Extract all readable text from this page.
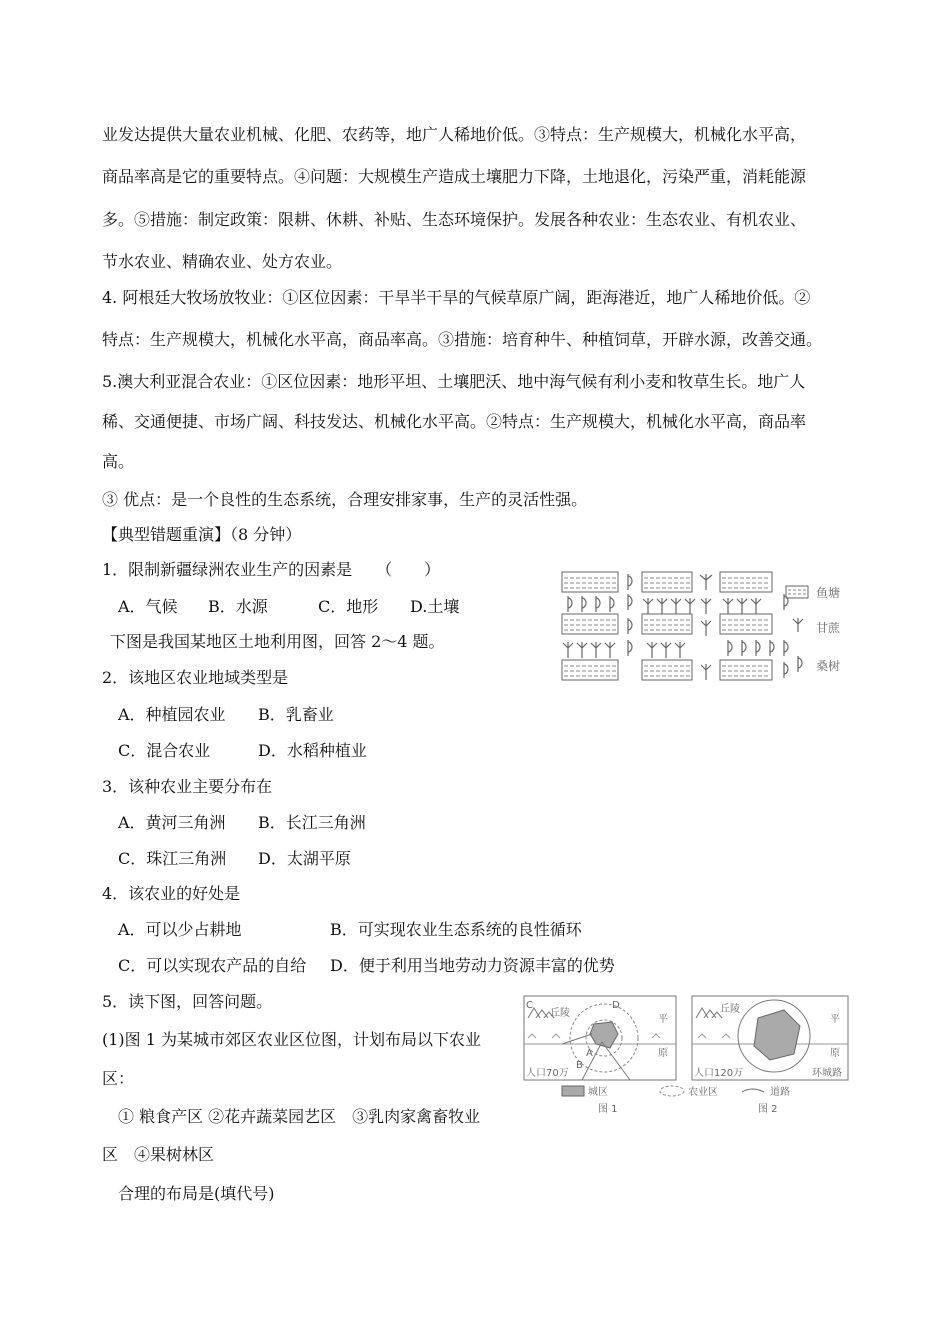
业发达提供大量农业机械、化肥、农药等，地广人稀地价低。③特点：生产规模大，机械化水平高，
商品率高是它的重要特点。④问题：大规模生产造成土壤肥力下降，土地退化，污染严重，消耗能源
多。⑤措施：制定政策：限耕、休耕、补贴、生态环境保护。发展各种农业：生态农业、有机农业、
节水农业、精确农业、处方农业。
4. 阿根廷大牧场放牧业：①区位因素：干旱半干旱的气候草原广阔，距海港近，地广人稀地价低。②
特点：生产规模大，机械化水平高，商品率高。③措施：培育种牛、种植饲草，开辟水源，改善交通。
5.澳大利亚混合农业：①区位因素：地形平坦、土壤肥沃、地中海气候有利小麦和牧草生长。地广人
稀、交通便捷、市场广阔、科技发达、机械化水平高。②特点：生产规模大，机械化水平高，商品率
高。
③ 优点：是一个良性的生态系统，合理安排家事，生产的灵活性强。
【典型错题重演】（8 分钟）
1．限制新疆绿洲农业生产的因素是　　（　　）
A．气候 B．水源	C．地形 D.土壤
下图是我国某地区土地利用图，回答 2～4 题。
2．该地区农业地域类型是
A．种植园农业 B．乳畜业
C．混合农业	D．水稻种植业
3．该种农业主要分布在
A．黄河三角洲 B．长江三角洲
C．珠江三角洲 D．太湖平原
4．该农业的好处是
A．可以少占耕地	B．可实现农业生态系统的良性循环
C．可以实现农产品的自给 D．便于利用当地劳动力资源丰富的优势
5．读下图，回答问题。
(1)图 1 为某城市郊区农业区位图，计划布局以下农业
区：
① 粮食产区 ②花卉蔬菜园艺区　③乳肉家禽畜牧业
区　④果树林区
合理的布局是(填代号)
鱼塘
甘蔗
桑树
C	D
丘陵
平
原
A
B
人口70万
丘陵
平
原
人口120万	环城路
城区	农业区	道路
图 1	图 2
